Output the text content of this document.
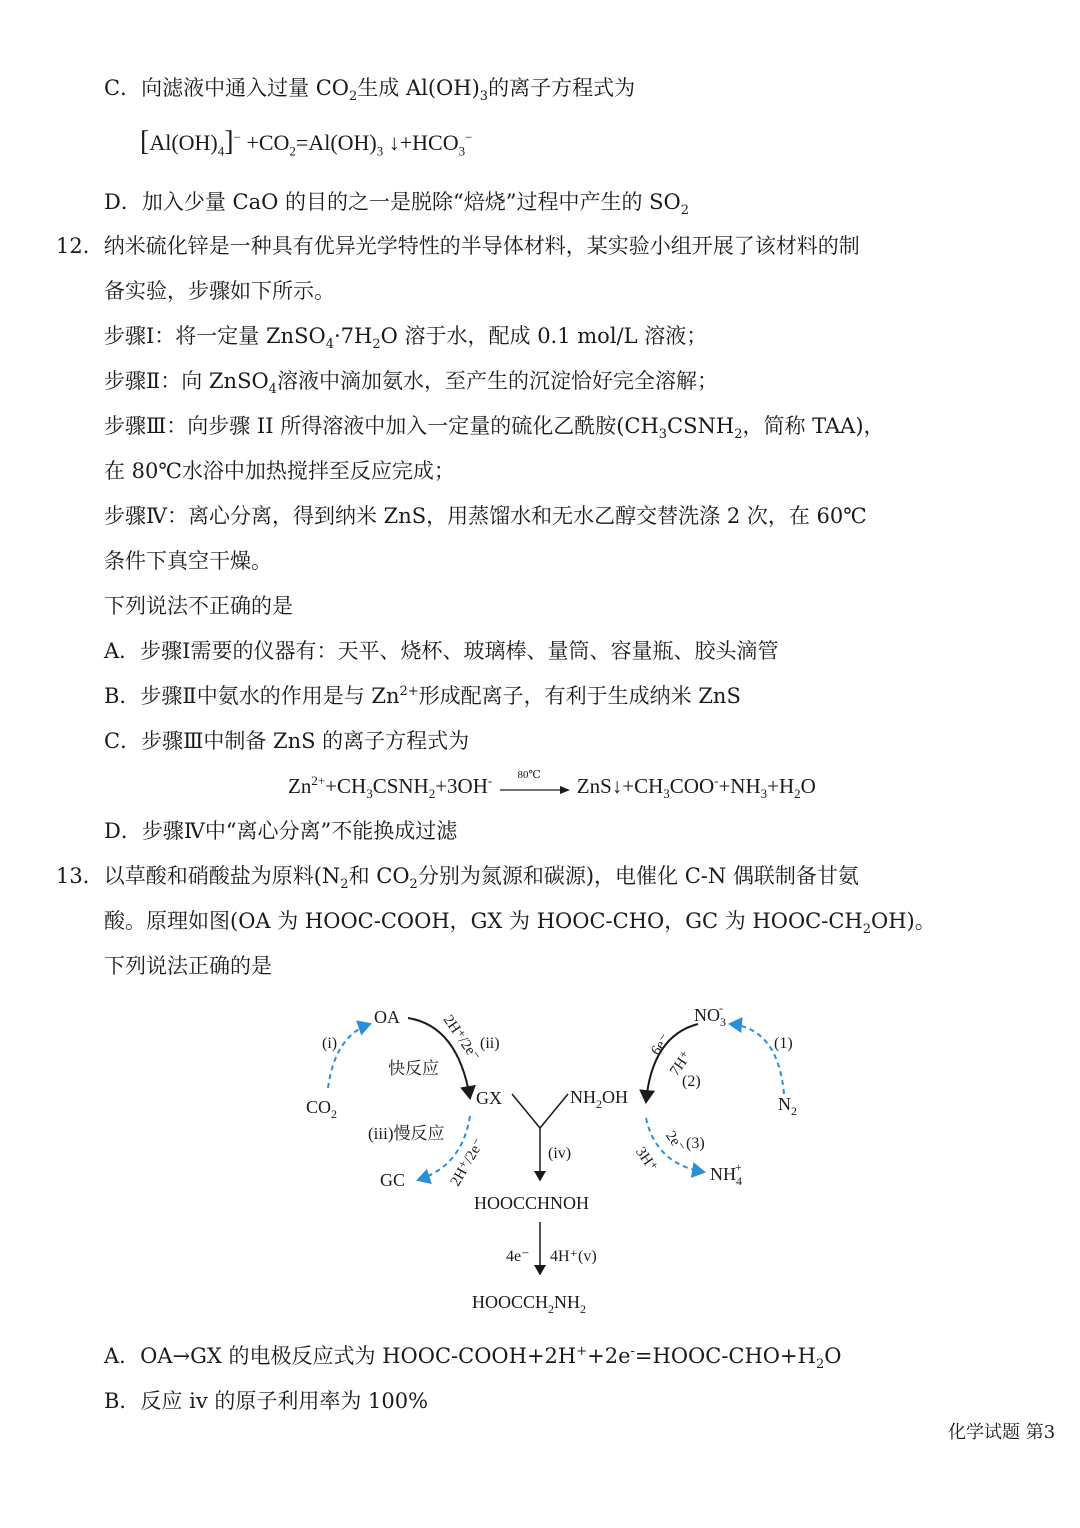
C．向滤液中通入过量 $CO_2$生成 $Al(OH)_3$的离子方程式为
$[Al(OH)_4]^- +CO_2=Al(OH)_3$ $↓+HCO_3^-$
D．加入少量 CaO 的目的之一是脱除“焙烧”过程中产生的 $SO_2$
12．纳米硫化锌是一种具有优异光学特性的半导体材料，某实验小组开展了该材料的制
备实验，步骤如下所示。
步骤Ⅰ：将一定量 $ZnSO_4\cdot 7H_2O$ 溶于水，配成 0.1 mol/L 溶液；
步骤Ⅱ：向 ZnSO$_4$溶液中滴加氨水，至产生的沉淀恰好完全溶解；
步骤Ⅲ：向步骤 II 所得溶液中加入一定量的硫化乙酰胺($CH_3CSNH_2$，简称 TAA)，
在 80℃水浴中加热搅拌至反应完成；
步骤Ⅳ：离心分离，得到纳米 ZnS，用蒸馏水和无水乙醇交替洗涤 2 次，在 60℃
条件下真空干燥。
下列说法不正确的是
A．步骤Ⅰ需要的仪器有：天平、烧杯、玻璃棒、量筒、容量瓶、胶头滴管
B．步骤Ⅱ中氨水的作用是与 $Zn^{2+}$形成配离子，有利于生成纳米 ZnS
C．步骤Ⅲ中制备 ZnS 的离子方程式为
$Zn^{2+}+CH_3CSNH_2+3OH^-$ 80℃ $ZnS↓+CH_3COO^-+NH_3+H_2O$
D．步骤Ⅳ中“离心分离”不能换成过滤
13．以草酸和硝酸盐为原料($N_2$和 $CO_2$分别为氮源和碳源)，电催化 C-N 偶联制备甘氨
酸。原理如图(OA 为 HOOC-COOH，GX 为 HOOC-CHO，GC 为 HOOC-$CH_2OH$)。
下列说法正确的是
OA
(i)	(ii)
快反应
2H⁺/2e⁻
$CO_2$
GX
(iii)慢反应
2H⁺/2e⁻
GC
(iv)
$NO_3-$
(1)
$N_2$
6e⁻
7H⁺
(2)
$NH_2OH$
2e⁻
(3)
3H⁺	$NH_4+$
HOOCCHNOH
4e⁻ 4H⁺(v)
$HOOCCH_2NH_2$
A．OA→GX 的电极反应式为 HOOC-$COOH+2H^++2e^-=HOOC-CHO+H_2O$
B．反应 iv 的原子利用率为 100%
化学试题 第3
